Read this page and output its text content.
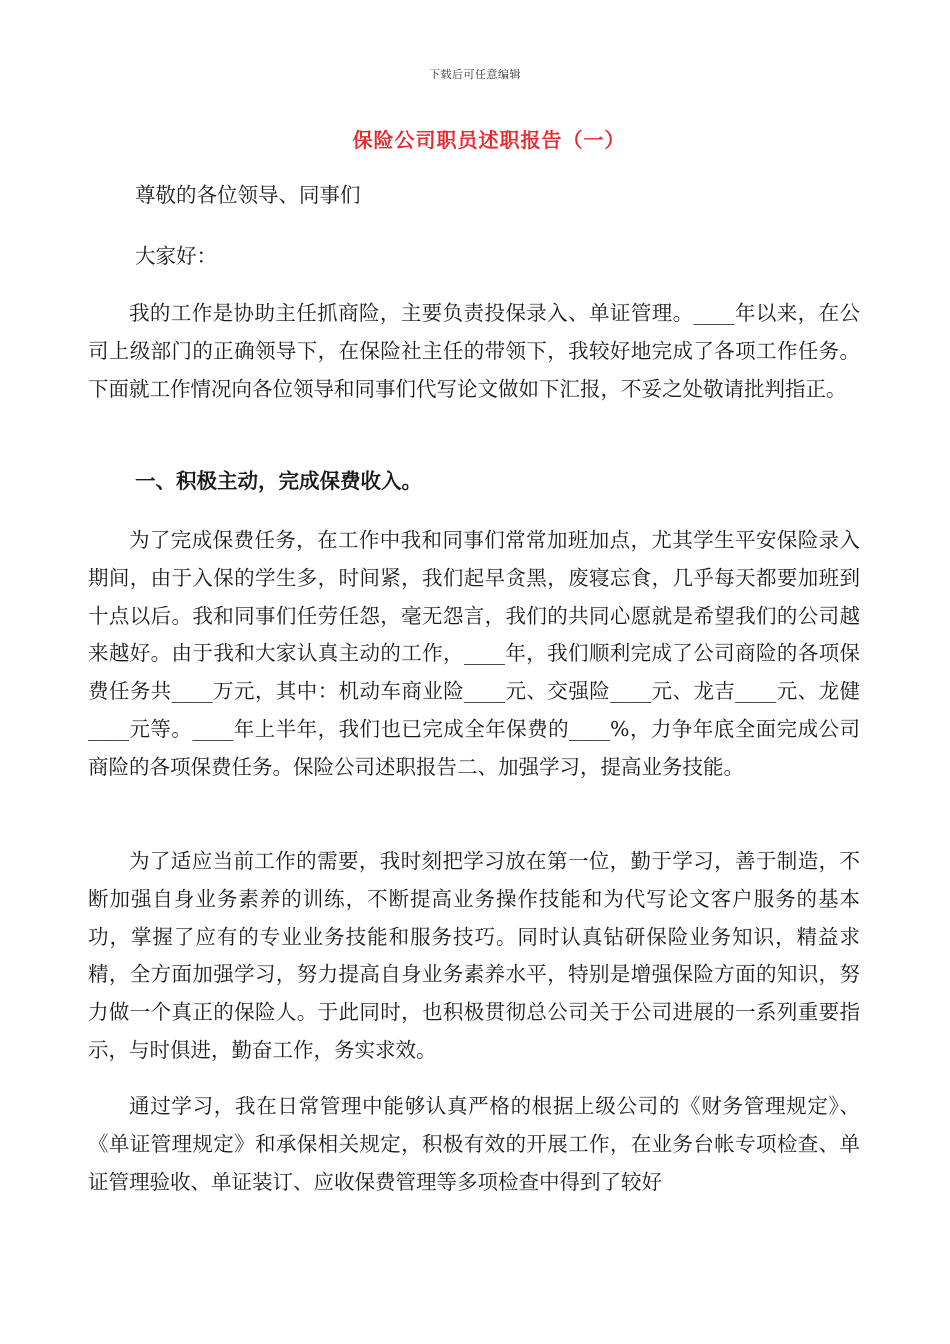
下载后可任意编辑
保险公司职员述职报告（一）
尊敬的各位领导、同事们
大家好：

我的工作是协助主任抓商险，主要负责投保录入、单证管理。____年以来，在公司上级部门的正确领导下，在保险社主任的带领下，我较好地完成了各项工作任务。下面就工作情况向各位领导和同事们代写论文做如下汇报，不妥之处敬请批判指正。

一、积极主动，完成保费收入。

为了完成保费任务，在工作中我和同事们常常加班加点，尤其学生平安保险录入期间，由于入保的学生多，时间紧，我们起早贪黑，废寝忘食，几乎每天都要加班到十点以后。我和同事们任劳任怨，毫无怨言，我们的共同心愿就是希望我们的公司越来越好。由于我和大家认真主动的工作，____年，我们顺利完成了公司商险的各项保费任务共____万元，其中：机动车商业险____元、交强险____元、龙吉____元、龙健____元等。____年上半年，我们也已完成全年保费的____%，力争年底全面完成公司商险的各项保费任务。保险公司述职报告二、加强学习，提高业务技能。

为了适应当前工作的需要，我时刻把学习放在第一位，勤于学习，善于制造，不断加强自身业务素养的训练，不断提高业务操作技能和为代写论文客户服务的基本功，掌握了应有的专业业务技能和服务技巧。同时认真钻研保险业务知识，精益求精，全方面加强学习，努力提高自身业务素养水平，特别是增强保险方面的知识，努力做一个真正的保险人。于此同时，也积极贯彻总公司关于公司进展的一系列重要指示，与时俱进，勤奋工作，务实求效。

通过学习，我在日常管理中能够认真严格的根据上级公司的《财务管理规定》、《单证管理规定》和承保相关规定，积极有效的开展工作，在业务台帐专项检查、单证管理验收、单证装订、应收保费管理等多项检查中得到了较好
